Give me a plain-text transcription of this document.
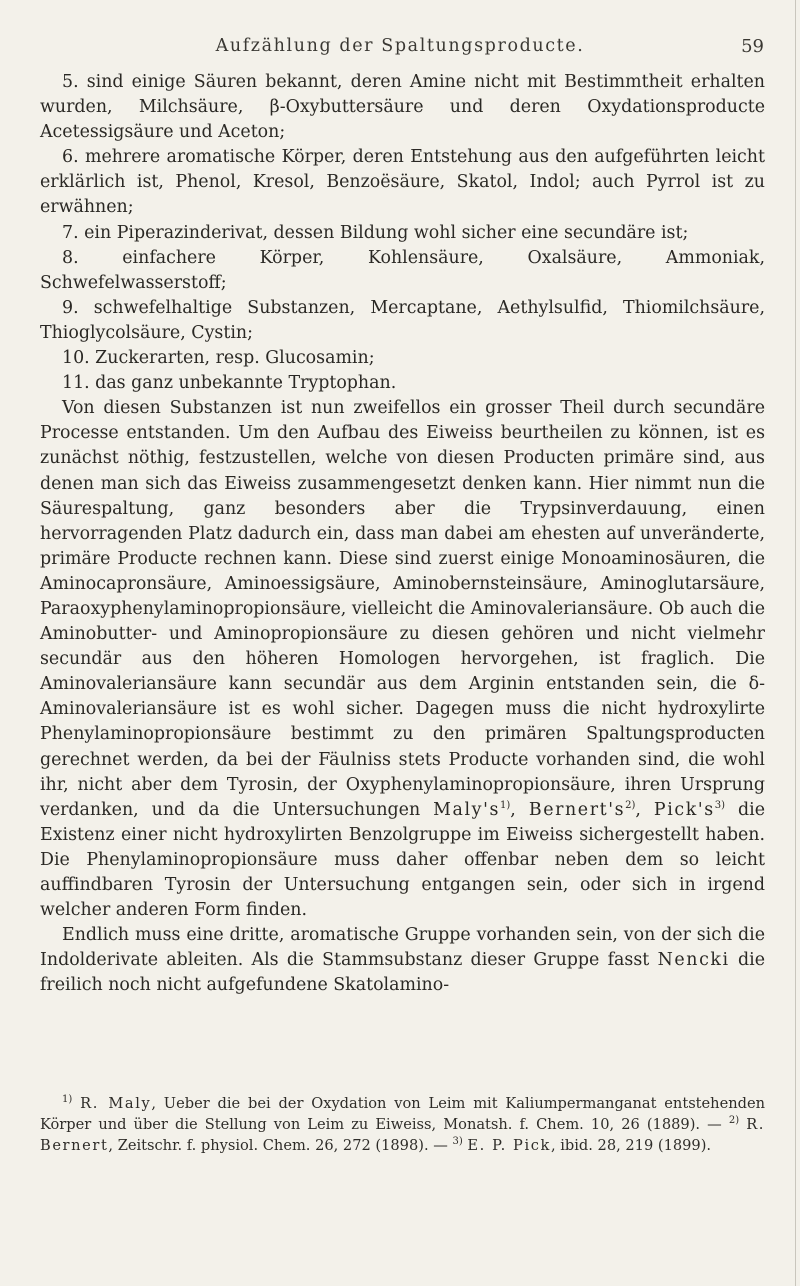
Aufzählung der Spaltungsproducte.	59

5. sind einige Säuren bekannt, deren Amine nicht mit Bestimmtheit erhalten wurden, Milchsäure, β-Oxybuttersäure und deren Oxydationsproducte Acetessigsäure und Aceton;

6. mehrere aromatische Körper, deren Entstehung aus den aufgeführten leicht erklärlich ist, Phenol, Kresol, Benzoësäure, Skatol, Indol; auch Pyrrol ist zu erwähnen;

7. ein Piperazinderivat, dessen Bildung wohl sicher eine secundäre ist;

8. einfachere Körper, Kohlensäure, Oxalsäure, Ammoniak, Schwefelwasserstoff;

9. schwefelhaltige Substanzen, Mercaptane, Aethylsulfid, Thiomilchsäure, Thioglycolsäure, Cystin;

10. Zuckerarten, resp. Glucosamin;

11. das ganz unbekannte Tryptophan.

Von diesen Substanzen ist nun zweifellos ein grosser Theil durch secundäre Processe entstanden. Um den Aufbau des Eiweiss beurtheilen zu können, ist es zunächst nöthig, festzustellen, welche von diesen Producten primäre sind, aus denen man sich das Eiweiss zusammengesetzt denken kann. Hier nimmt nun die Säurespaltung, ganz besonders aber die Trypsinverdauung, einen hervorragenden Platz dadurch ein, dass man dabei am ehesten auf unveränderte, primäre Producte rechnen kann. Diese sind zuerst einige Monoaminosäuren, die Aminocapronsäure, Aminoessigsäure, Aminobernsteinsäure, Aminoglutarsäure, Paraoxyphenylaminopropionsäure, vielleicht die Aminovaleriansäure. Ob auch die Aminobutter- und Aminopropionsäure zu diesen gehören und nicht vielmehr secundär aus den höheren Homologen hervorgehen, ist fraglich. Die Aminovaleriansäure kann secundär aus dem Arginin entstanden sein, die δ-Aminovaleriansäure ist es wohl sicher. Dagegen muss die nicht hydroxylirte Phenylaminopropionsäure bestimmt zu den primären Spaltungsproducten gerechnet werden, da bei der Fäulniss stets Producte vorhanden sind, die wohl ihr, nicht aber dem Tyrosin, der Oxyphenylaminopropionsäure, ihren Ursprung verdanken, und da die Untersuchungen $Maly's^{1)}$, $Bernert's^{2)}$, $Pick's^{3)}$ die Existenz einer nicht hydroxylirten Benzolgruppe im Eiweiss sichergestellt haben. Die Phenylaminopropionsäure muss daher offenbar neben dem so leicht auffindbaren Tyrosin der Untersuchung entgangen sein, oder sich in irgend welcher anderen Form finden.

Endlich muss eine dritte, aromatische Gruppe vorhanden sein, von der sich die Indolderivate ableiten. Als die Stammsubstanz dieser Gruppe fasst Nencki die freilich noch nicht aufgefundene Skatolamino-

$^{1)}$ R. Maly, Ueber die bei der Oxydation von Leim mit Kaliumpermanganat entstehenden Körper und über die Stellung von Leim zu Eiweiss, Monatsh. f. Chem. 10, 26 (1889). — $^{2)}$ R. Bernert, Zeitschr. f. physiol. Chem. 26, 272 (1898). — $^{3)}$ E. P. Pick, ibid. 28, 219 (1899).
